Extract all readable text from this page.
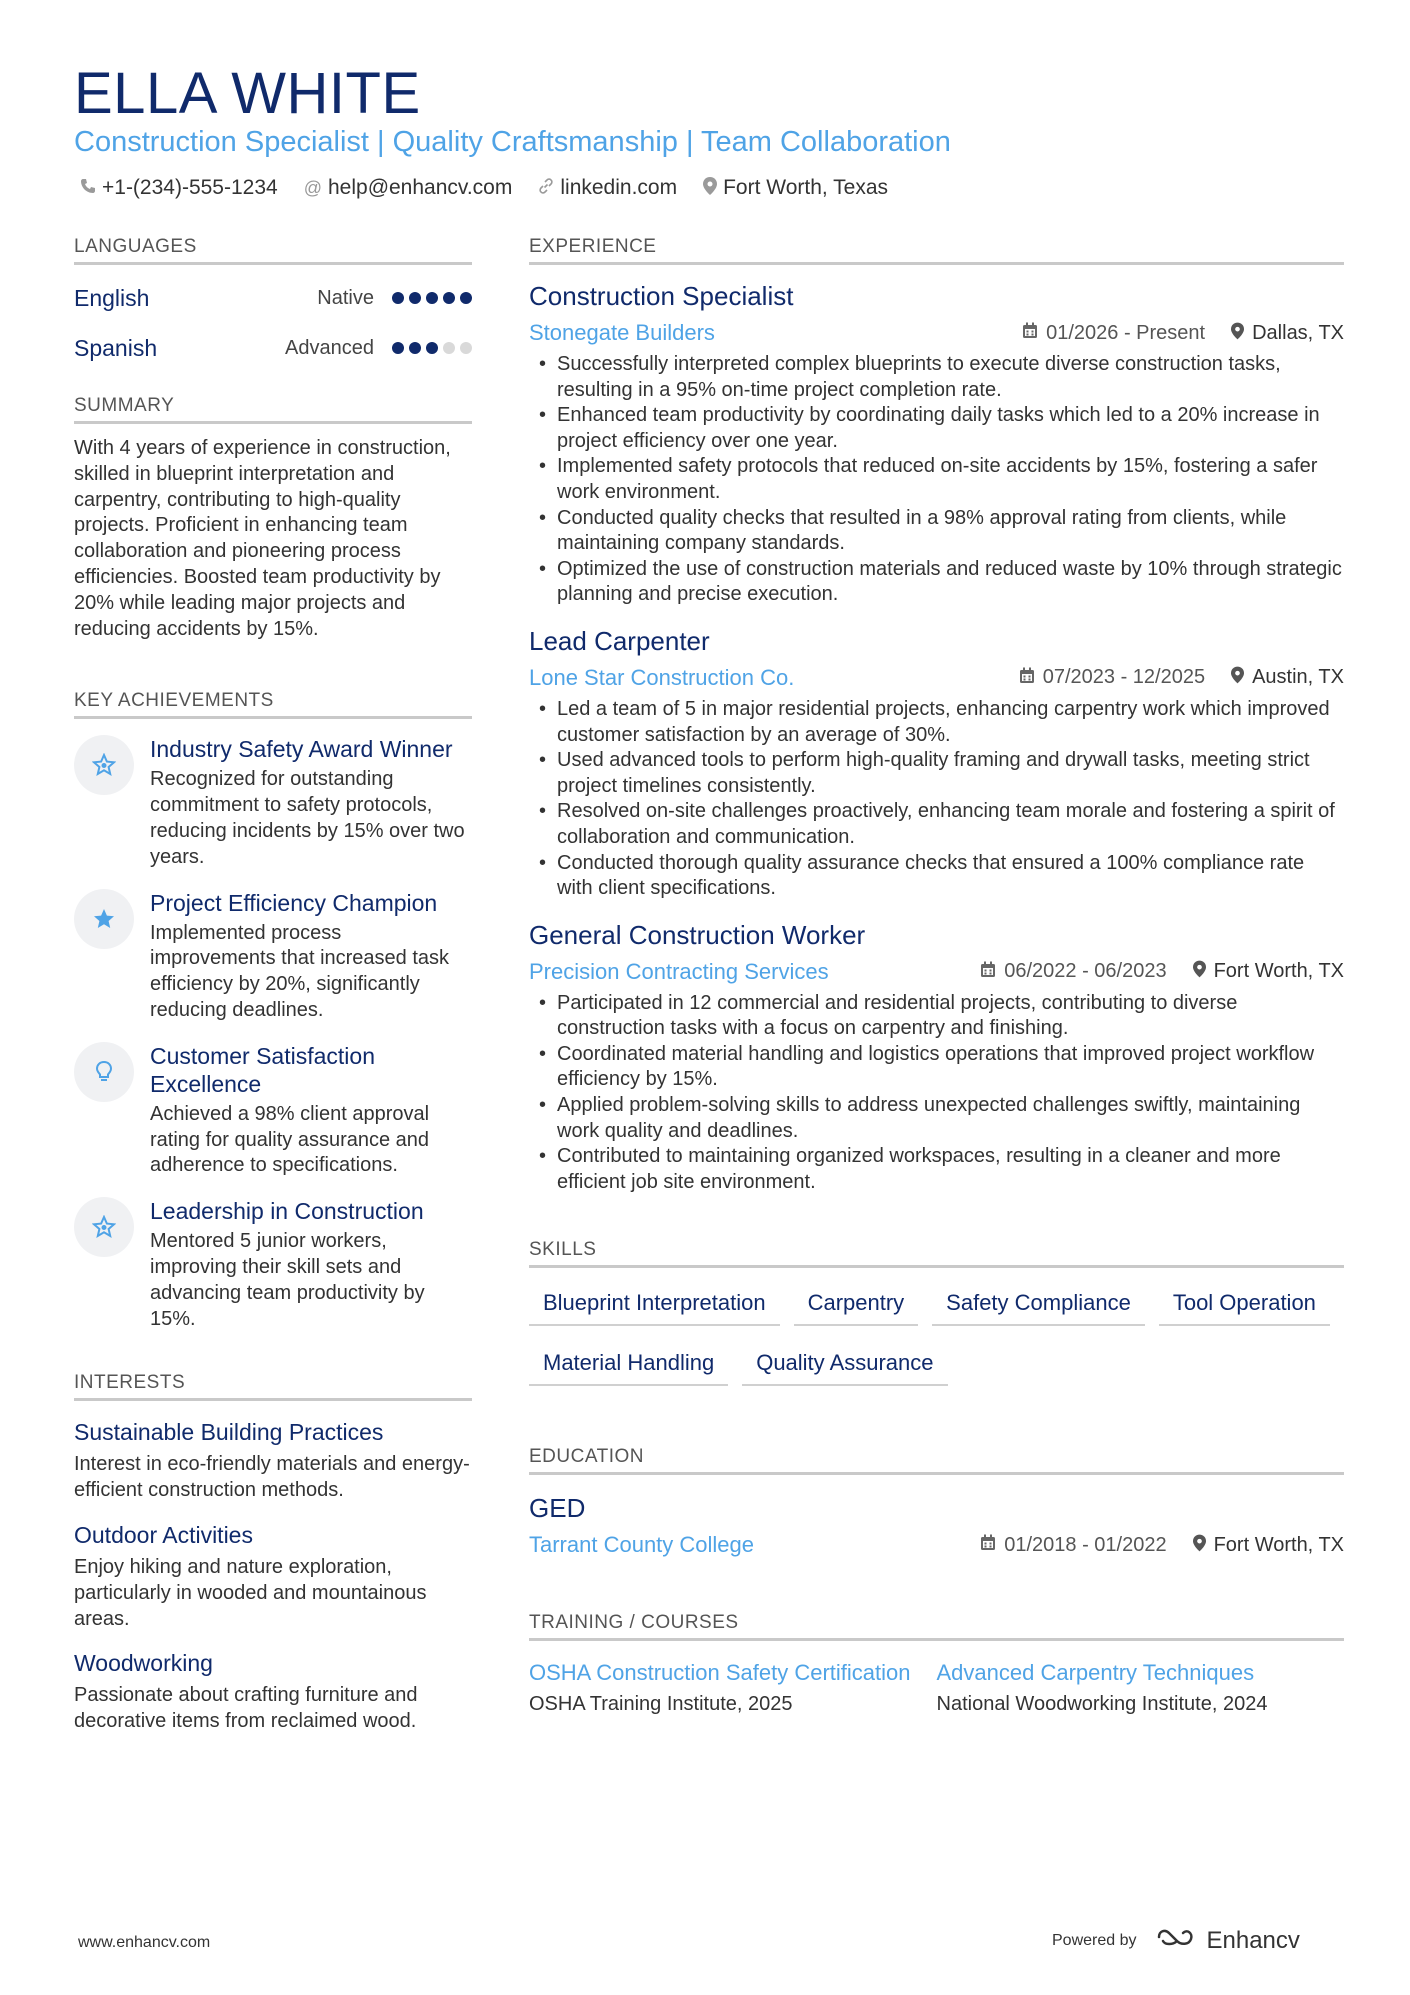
ELLA WHITE
Construction Specialist | Quality Craftsmanship | Team Collaboration
+1-(234)-555-1234 @ help@enhancv.com linkedin.com Fort Worth, Texas
LANGUAGES
English	Native
Spanish	Advanced
SUMMARY
With 4 years of experience in construction, skilled in blueprint interpretation and carpentry, contributing to high-quality projects. Proficient in enhancing team collaboration and pioneering process efficiencies. Boosted team productivity by 20% while leading major projects and reducing accidents by 15%.
KEY ACHIEVEMENTS
Industry Safety Award Winner
Recognized for outstanding commitment to safety protocols, reducing incidents by 15% over two years.
Project Efficiency Champion
Implemented process improvements that increased task efficiency by 20%, significantly reducing deadlines.
Customer Satisfaction Excellence
Achieved a 98% client approval rating for quality assurance and adherence to specifications.
Leadership in Construction
Mentored 5 junior workers, improving their skill sets and advancing team productivity by 15%.
INTERESTS
Sustainable Building Practices
Interest in eco-friendly materials and energy-efficient construction methods.
Outdoor Activities
Enjoy hiking and nature exploration, particularly in wooded and mountainous areas.
Woodworking
Passionate about crafting furniture and decorative items from reclaimed wood.
EXPERIENCE
Construction Specialist
Stonegate Builders	01/2026 - Present Dallas, TX
• Successfully interpreted complex blueprints to execute diverse construction tasks, resulting in a 95% on-time project completion rate.
• Enhanced team productivity by coordinating daily tasks which led to a 20% increase in project efficiency over one year.
• Implemented safety protocols that reduced on-site accidents by 15%, fostering a safer work environment.
• Conducted quality checks that resulted in a 98% approval rating from clients, while maintaining company standards.
• Optimized the use of construction materials and reduced waste by 10% through strategic planning and precise execution.
Lead Carpenter
Lone Star Construction Co.	07/2023 - 12/2025 Austin, TX
• Led a team of 5 in major residential projects, enhancing carpentry work which improved customer satisfaction by an average of 30%.
• Used advanced tools to perform high-quality framing and drywall tasks, meeting strict project timelines consistently.
• Resolved on-site challenges proactively, enhancing team morale and fostering a spirit of collaboration and communication.
• Conducted thorough quality assurance checks that ensured a 100% compliance rate with client specifications.
General Construction Worker
Precision Contracting Services	06/2022 - 06/2023 Fort Worth, TX
• Participated in 12 commercial and residential projects, contributing to diverse construction tasks with a focus on carpentry and finishing.
• Coordinated material handling and logistics operations that improved project workflow efficiency by 15%.
• Applied problem-solving skills to address unexpected challenges swiftly, maintaining work quality and deadlines.
• Contributed to maintaining organized workspaces, resulting in a cleaner and more efficient job site environment.
SKILLS
Blueprint Interpretation	Carpentry	Safety Compliance	Tool Operation
Material Handling	Quality Assurance
EDUCATION
GED
Tarrant County College	01/2018 - 01/2022 Fort Worth, TX
TRAINING / COURSES
OSHA Construction Safety Certification
OSHA Training Institute, 2025
Advanced Carpentry Techniques
National Woodworking Institute, 2024
www.enhancv.com	Powered by	Enhancv
